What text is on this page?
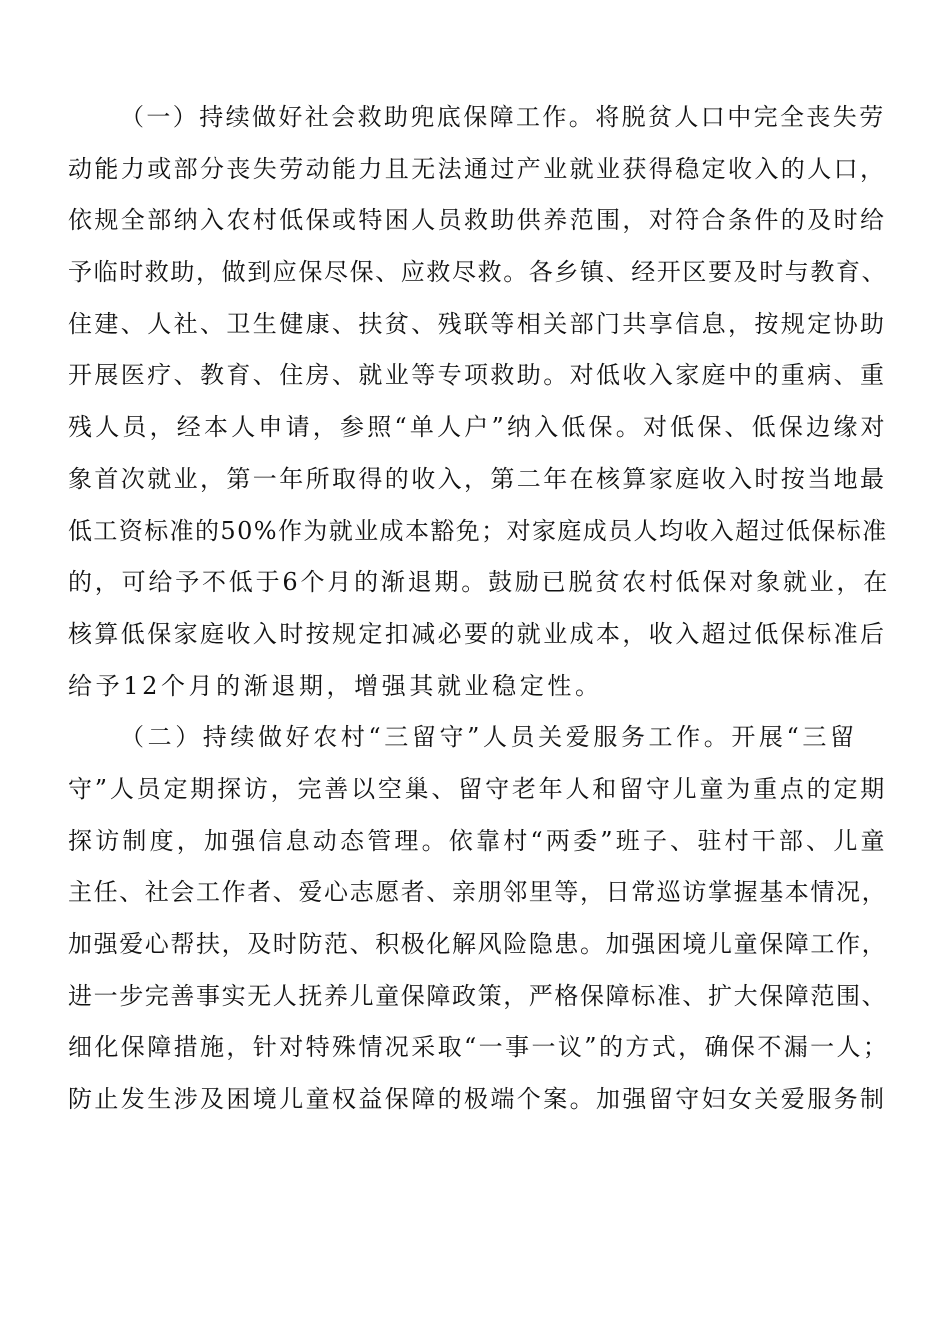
（一）持续做好社会救助兜底保障工作。将脱贫人口中完全丧失劳
动能力或部分丧失劳动能力且无法通过产业就业获得稳定收入的人口，
依规全部纳入农村低保或特困人员救助供养范围，对符合条件的及时给
予临时救助，做到应保尽保、应救尽救。各乡镇、经开区要及时与教育、
住建、人社、卫生健康、扶贫、残联等相关部门共享信息，按规定协助
开展医疗、教育、住房、就业等专项救助。对低收入家庭中的重病、重
残人员，经本人申请，参照“单人户”纳入低保。对低保、低保边缘对
象首次就业，第一年所取得的收入，第二年在核算家庭收入时按当地最
低工资标准的50%作为就业成本豁免；对家庭成员人均收入超过低保标准
的，可给予不低于6个月的渐退期。鼓励已脱贫农村低保对象就业，在
核算低保家庭收入时按规定扣减必要的就业成本，收入超过低保标准后
给予12个月的渐退期，增强其就业稳定性。
（二）持续做好农村“三留守”人员关爱服务工作。开展“三留
守”人员定期探访，完善以空巢、留守老年人和留守儿童为重点的定期
探访制度，加强信息动态管理。依靠村“两委”班子、驻村干部、儿童
主任、社会工作者、爱心志愿者、亲朋邻里等，日常巡访掌握基本情况，
加强爱心帮扶，及时防范、积极化解风险隐患。加强困境儿童保障工作，
进一步完善事实无人抚养儿童保障政策，严格保障标准、扩大保障范围、
细化保障措施，针对特殊情况采取“一事一议”的方式，确保不漏一人；
防止发生涉及困境儿童权益保障的极端个案。加强留守妇女关爱服务制
